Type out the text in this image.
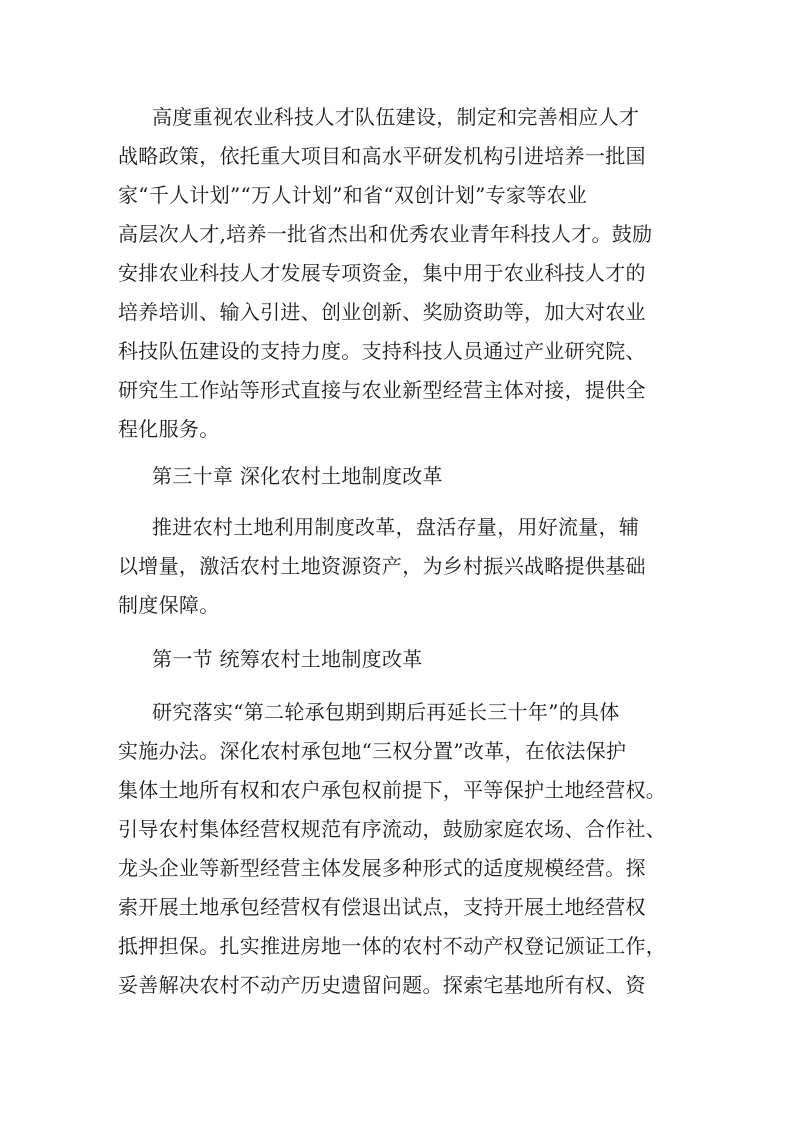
高度重视农业科技人才队伍建设，制定和完善相应人才
战略政策，依托重大项目和高水平研发机构引进培养一批国
家“千人计划”“万人计划”和省“双创计划”专家等农业
高层次人才,培养一批省杰出和优秀农业青年科技人才。鼓励
安排农业科技人才发展专项资金，集中用于农业科技人才的
培养培训、输入引进、创业创新、奖励资助等，加大对农业
科技队伍建设的支持力度。支持科技人员通过产业研究院、
研究生工作站等形式直接与农业新型经营主体对接，提供全
程化服务。
第三十章 深化农村土地制度改革
推进农村土地利用制度改革，盘活存量，用好流量，辅
以增量，激活农村土地资源资产，为乡村振兴战略提供基础
制度保障。
第一节 统筹农村土地制度改革
研究落实“第二轮承包期到期后再延长三十年”的具体
实施办法。深化农村承包地“三权分置”改革，在依法保护
集体土地所有权和农户承包权前提下，平等保护土地经营权。
引导农村集体经营权规范有序流动，鼓励家庭农场、合作社、
龙头企业等新型经营主体发展多种形式的适度规模经营。探
索开展土地承包经营权有偿退出试点，支持开展土地经营权
抵押担保。扎实推进房地一体的农村不动产权登记颁证工作，
妥善解决农村不动产历史遗留问题。探索宅基地所有权、资
